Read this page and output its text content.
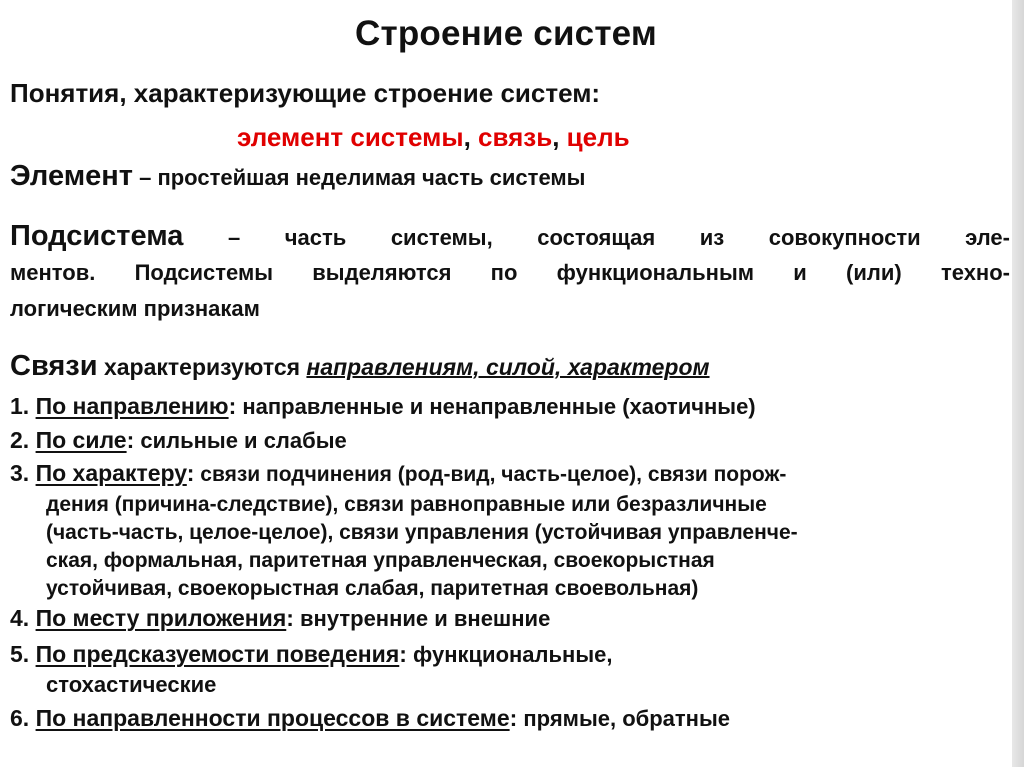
Строение систем
Понятия, характеризующие строение систем:
элемент системы, связь, цель
Элемент – простейшая неделимая часть системы
Подсистема – часть системы, состоящая из совокупности эле-
ментов. Подсистемы выделяются по функциональным и (или) техно-
логическим признакам
Связи характеризуются направлениям, силой, характером
1. По направлению: направленные и ненаправленные (хаотичные)
2. По силе: сильные и слабые
3. По характеру: связи подчинения (род-вид, часть-целое), связи порож-
дения (причина-следствие), связи равноправные или безразличные
(часть-часть, целое-целое), связи управления (устойчивая управленче-
ская, формальная, паритетная управленческая, своекорыстная
устойчивая, своекорыстная слабая, паритетная своевольная)
4. По месту приложения: внутренние и внешние
5. По предсказуемости поведения: функциональные,
стохастические
6. По направленности процессов в системе: прямые, обратные
